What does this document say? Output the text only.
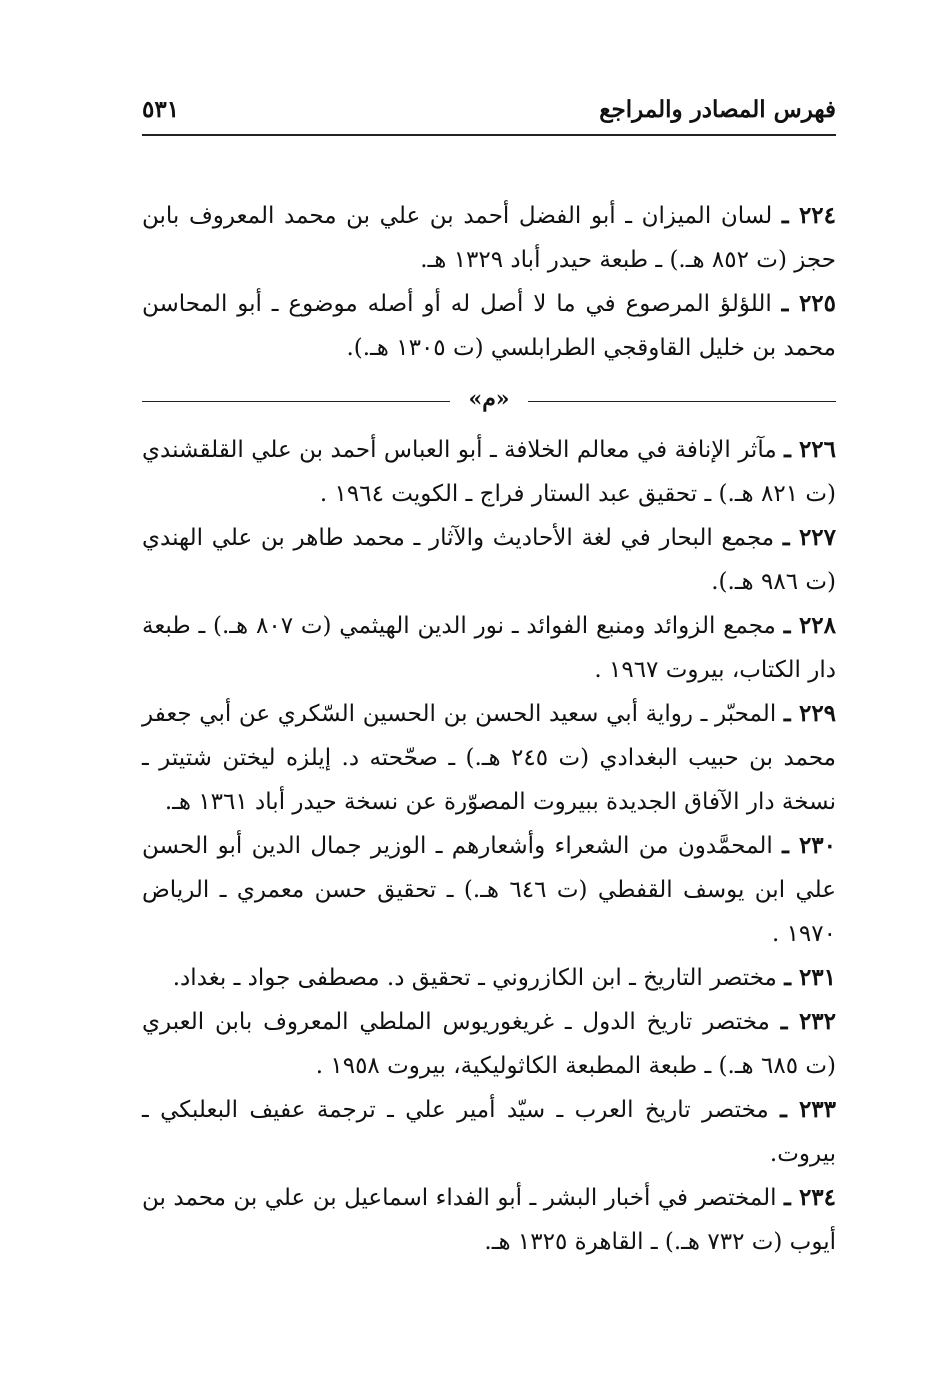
فهرس المصادر والمراجع
٥٣١

٢٢٤ ـ لسان الميزان ـ أبو الفضل أحمد بن علي بن محمد المعروف بابن حجز (ت ٨٥٢ هـ.) ـ طبعة حيدر أباد ١٣٢٩ هـ.

٢٢٥ ـ اللؤلؤ المرصوع في ما لا أصل له أو أصله موضوع ـ أبو المحاسن محمد بن خليل القاوقجي الطرابلسي (ت ١٣٠٥ هـ.).

«م»

٢٢٦ ـ مآثر الإنافة في معالم الخلافة ـ أبو العباس أحمد بن علي القلقشندي (ت ٨٢١ هـ.) ـ تحقيق عبد الستار فراج ـ الكويت ١٩٦٤ .

٢٢٧ ـ مجمع البحار في لغة الأحاديث والآثار ـ محمد طاهر بن علي الهندي (ت ٩٨٦ هـ.).

٢٢٨ ـ مجمع الزوائد ومنبع الفوائد ـ نور الدين الهيثمي (ت ٨٠٧ هـ.) ـ طبعة دار الكتاب، بيروت ١٩٦٧ .

٢٢٩ ـ المحبّر ـ رواية أبي سعيد الحسن بن الحسين السّكري عن أبي جعفر محمد بن حبيب البغدادي (ت ٢٤٥ هـ.) ـ صحّحته د. إيلزه ليختن شتيتر ـ نسخة دار الآفاق الجديدة ببيروت المصوّرة عن نسخة حيدر أباد ١٣٦١ هـ.

٢٣٠ ـ المحمَّدون من الشعراء وأشعارهم ـ الوزير جمال الدين أبو الحسن علي ابن يوسف القفطي (ت ٦٤٦ هـ.) ـ تحقيق حسن معمري ـ الرياض ١٩٧٠ .

٢٣١ ـ مختصر التاريخ ـ ابن الكازروني ـ تحقيق د. مصطفى جواد ـ بغداد.

٢٣٢ ـ مختصر تاريخ الدول ـ غريغوريوس الملطي المعروف بابن العبري (ت ٦٨٥ هـ.) ـ طبعة المطبعة الكاثوليكية، بيروت ١٩٥٨ .

٢٣٣ ـ مختصر تاريخ العرب ـ سيّد أمير علي ـ ترجمة عفيف البعلبكي ـ بيروت.

٢٣٤ ـ المختصر في أخبار البشر ـ أبو الفداء اسماعيل بن علي بن محمد بن أيوب (ت ٧٣٢ هـ.) ـ القاهرة ١٣٢٥ هـ.
